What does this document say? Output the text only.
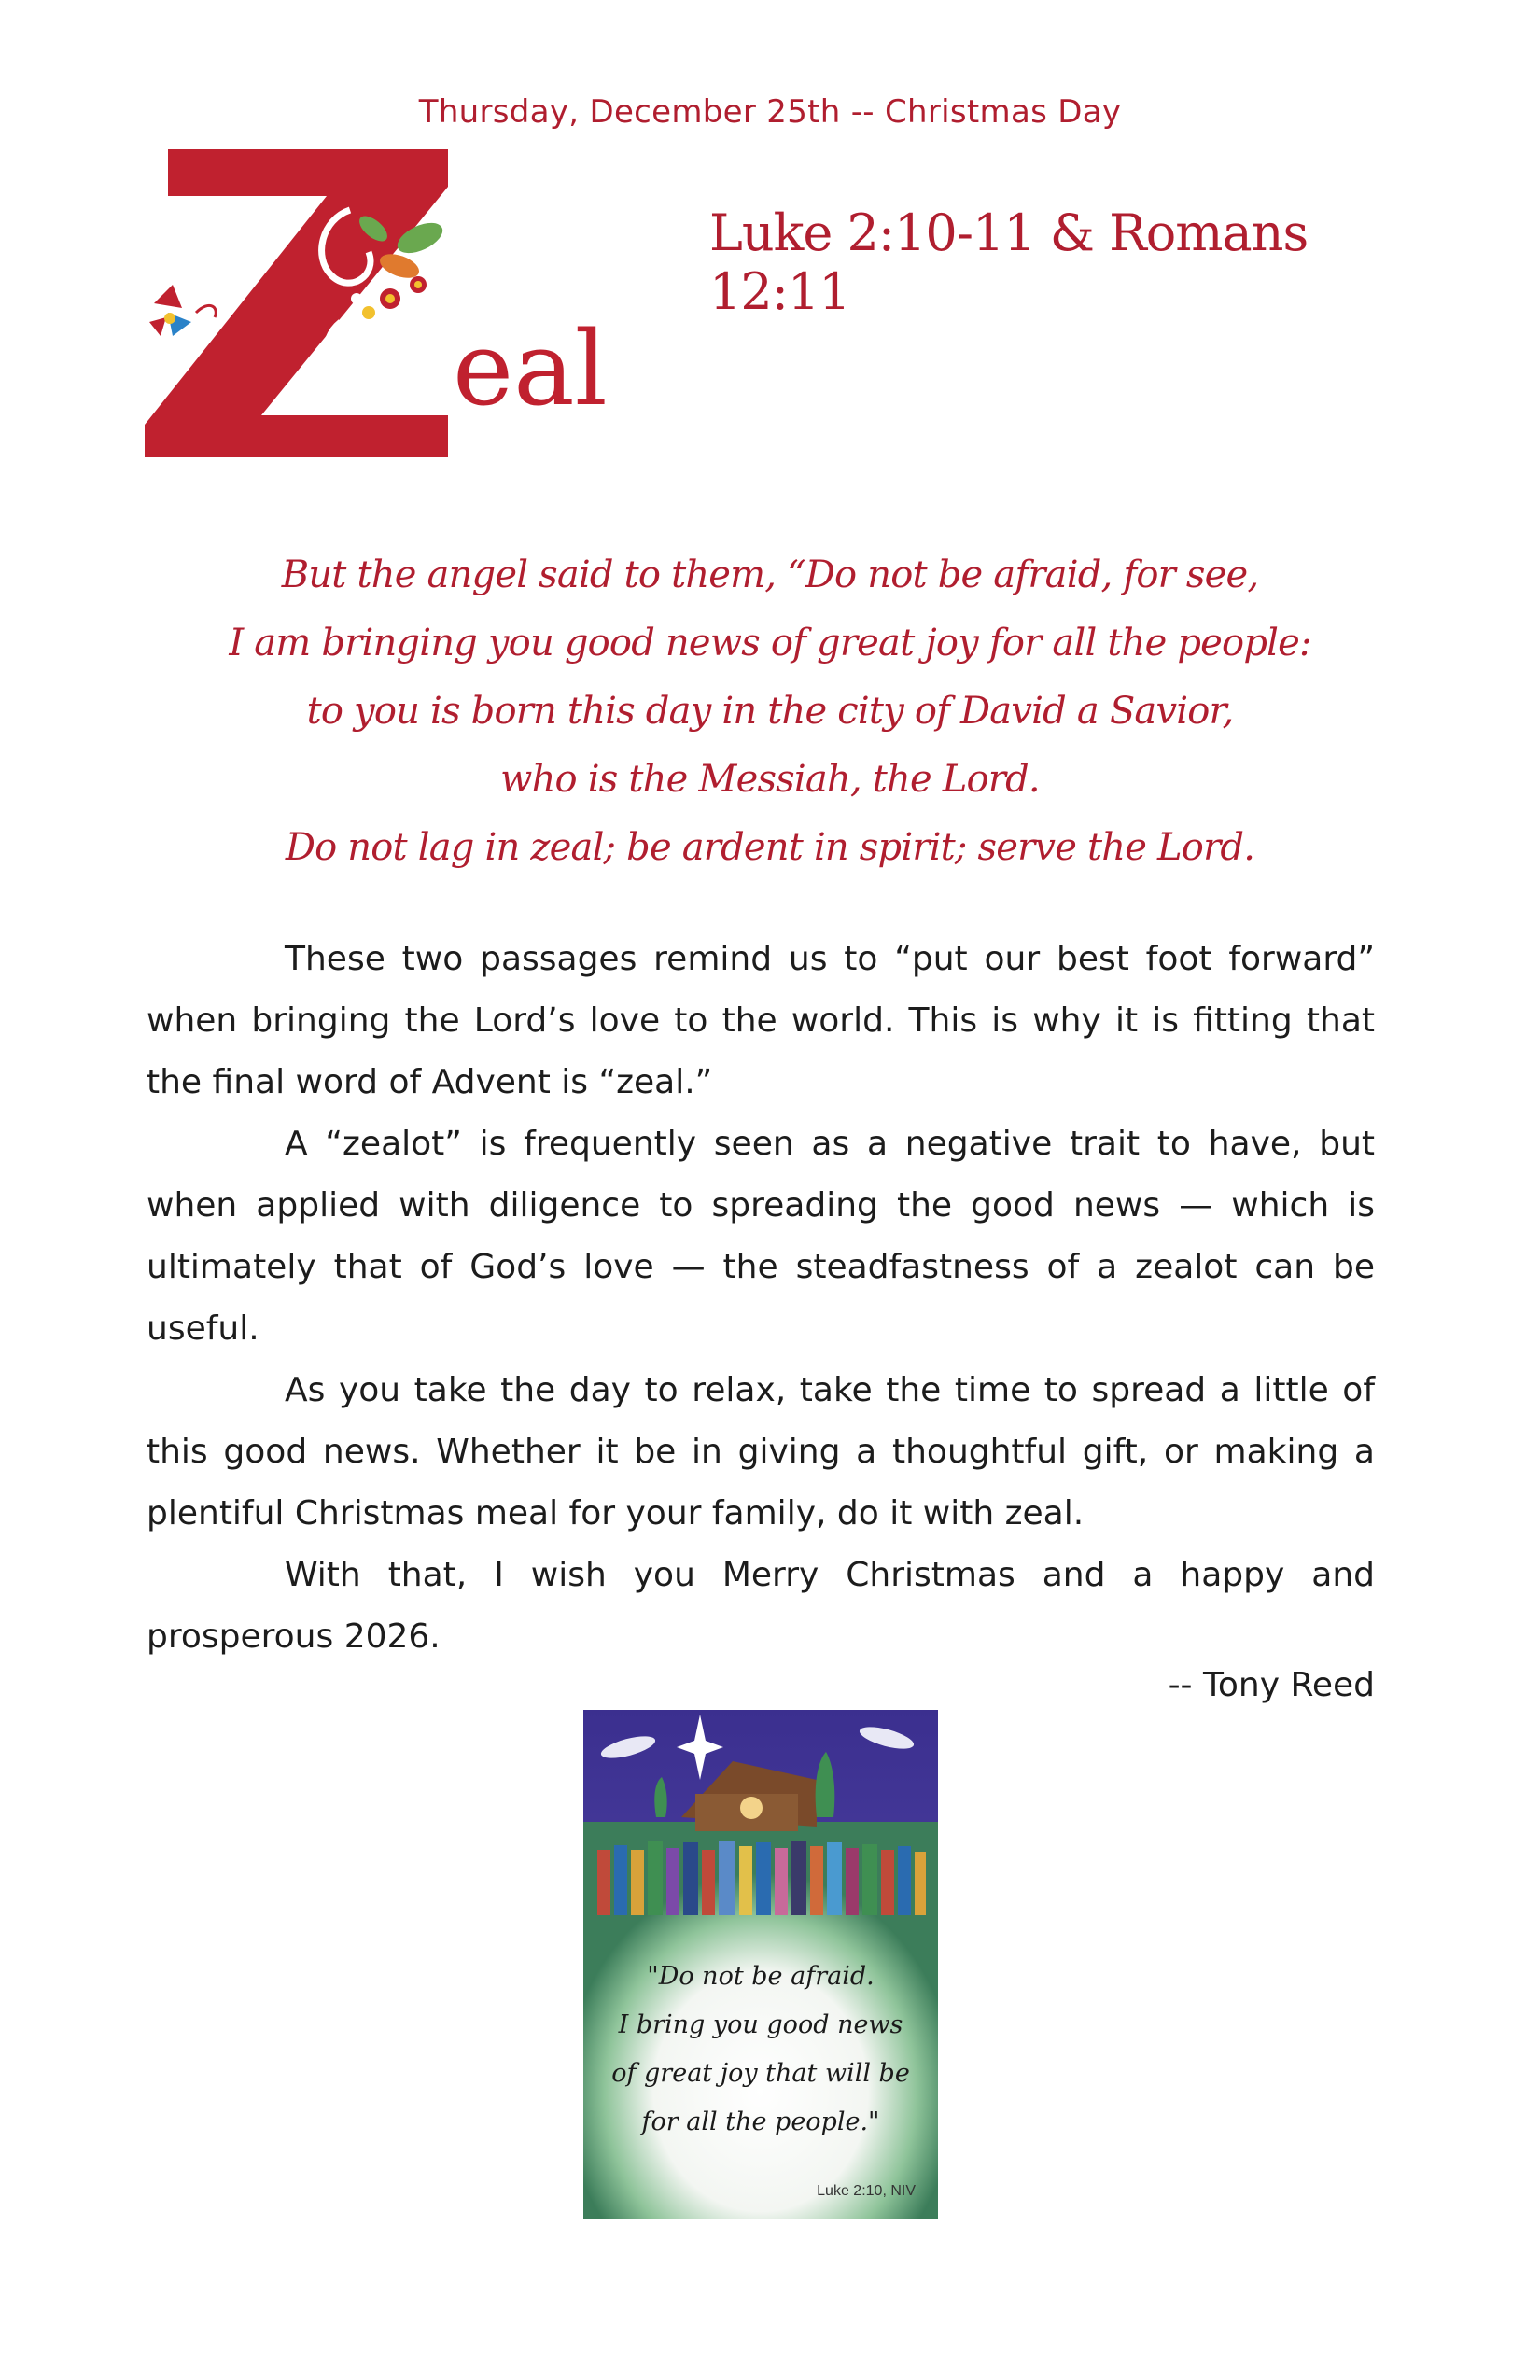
Thursday, December 25th -- Christmas Day
eal
Luke 2:10-11 & Romans 12:11
But the angel said to them, “Do not be afraid, for see,
I am bringing you good news of great joy for all the people:
to you is born this day in the city of David a Savior,
who is the Messiah, the Lord.
Do not lag in zeal; be ardent in spirit; serve the Lord.

These two passages remind us to “put our best foot forward” when bringing the Lord’s love to the world. This is why it is fitting that the final word of Advent is “zeal.”

A “zealot” is frequently seen as a negative trait to have, but when applied with diligence to spreading the good news — which is ultimately that of God’s love — the steadfastness of a zealot can be useful.

As you take the day to relax, take the time to spread a little of this good news. Whether it be in giving a thoughtful gift, or making a plentiful Christmas meal for your family, do it with zeal.

With that, I wish you Merry Christmas and a happy and prosperous 2026.

-- Tony Reed
"Do not be afraid.
I bring you good news
of great joy that will be
for all the people."
Luke 2:10, NIV
